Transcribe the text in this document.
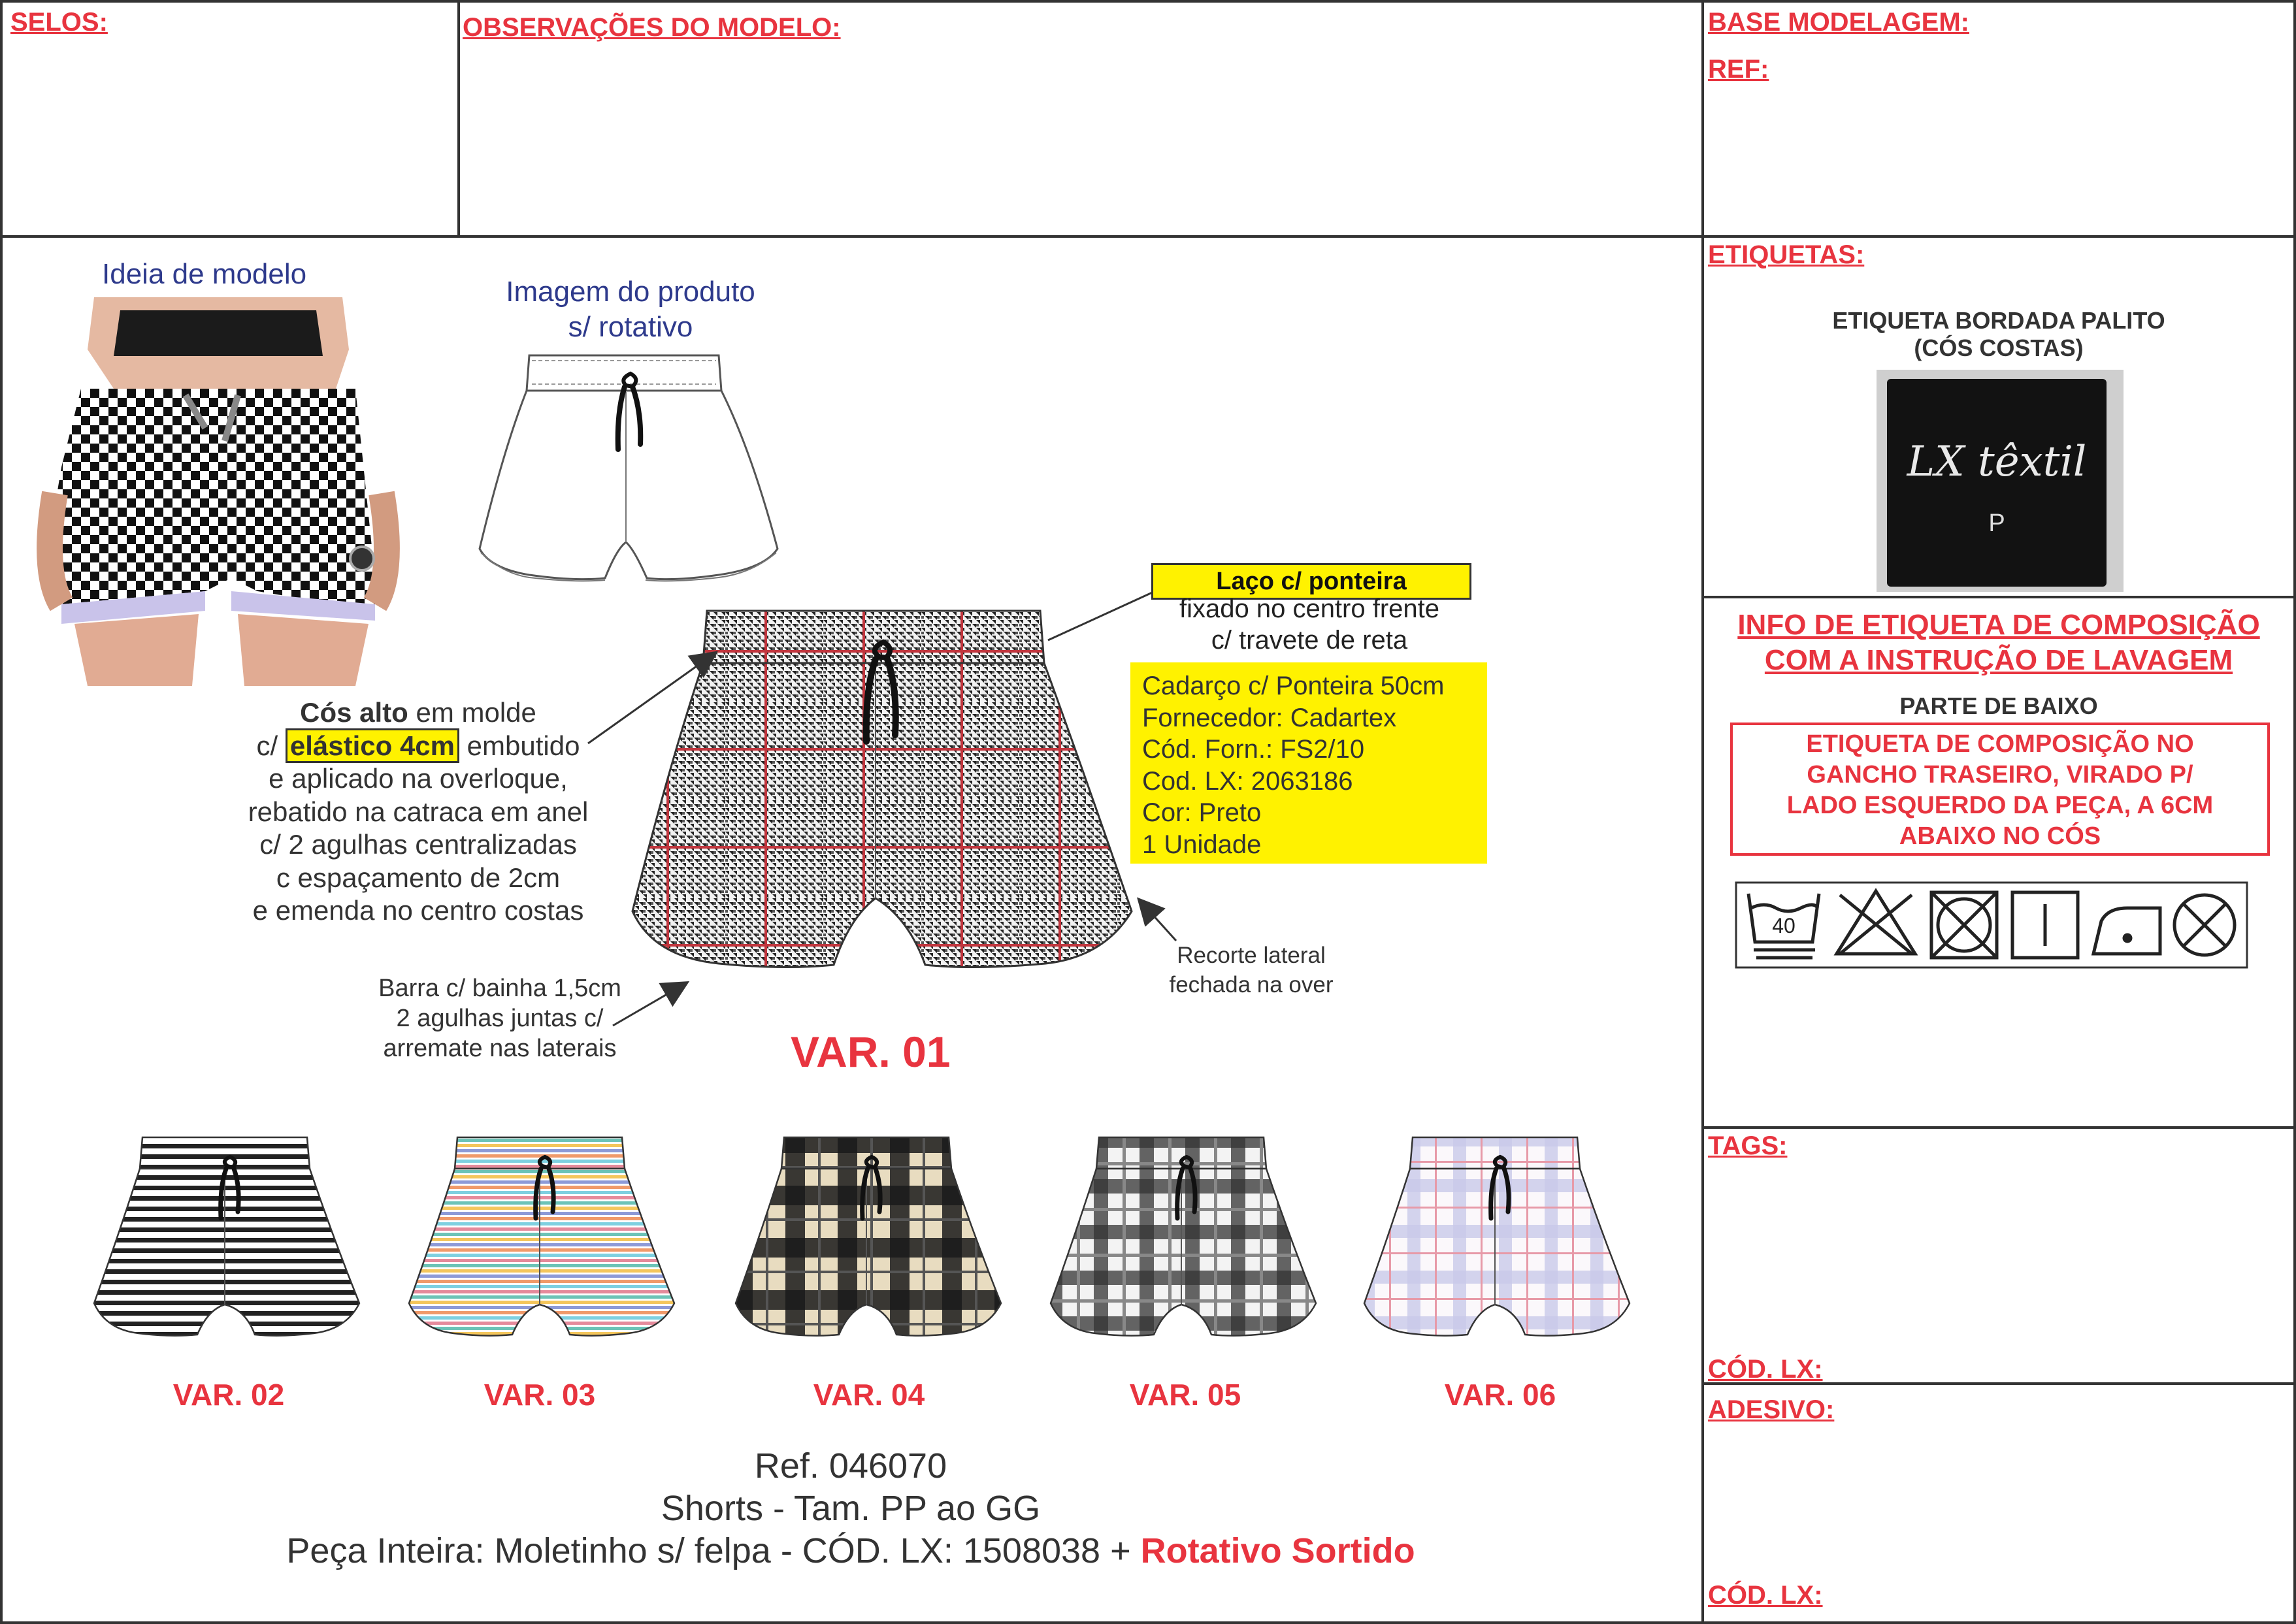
SELOS:	OBSERVAÇÕES DO MODELO:	BASE MODELAGEM:
REF:
Ideia de modelo
Imagem do produto
s/ rotativo
Laço c/ ponteira
fixado no centro frente
c/ travete de reta
Cadarço c/ Ponteira 50cm
Fornecedor: Cadartex
Cód. Forn.: FS2/10
Cod. LX: 2063186
Cor: Preto
1 Unidade
Cós alto em molde
c/ elástico 4cm embutido
e aplicado na overloque,
rebatido na catraca em anel
c/ 2 agulhas centralizadas
c espaçamento de 2cm
e emenda no centro costas
Barra c/ bainha 1,5cm
2 agulhas juntas c/
arremate nas laterais
Recorte lateral
fechada na over
VAR. 01
VAR. 02	VAR. 03	VAR. 04	VAR. 05	VAR. 06
Ref. 046070
Shorts - Tam. PP ao GG
Peça Inteira: Moletinho s/ felpa - CÓD. LX: 1508038 + Rotativo Sortido
ETIQUETAS:
ETIQUETA BORDADA PALITO
(CÓS COSTAS)
LX têxtil
P
INFO DE ETIQUETA DE COMPOSIÇÃO
COM A INSTRUÇÃO DE LAVAGEM
PARTE DE BAIXO
ETIQUETA DE COMPOSIÇÃO NO
GANCHO TRASEIRO, VIRADO P/
LADO ESQUERDO DA PEÇA, A 6CM
ABAIXO NO CÓS
40
TAGS:
CÓD. LX:
ADESIVO:
CÓD. LX:
